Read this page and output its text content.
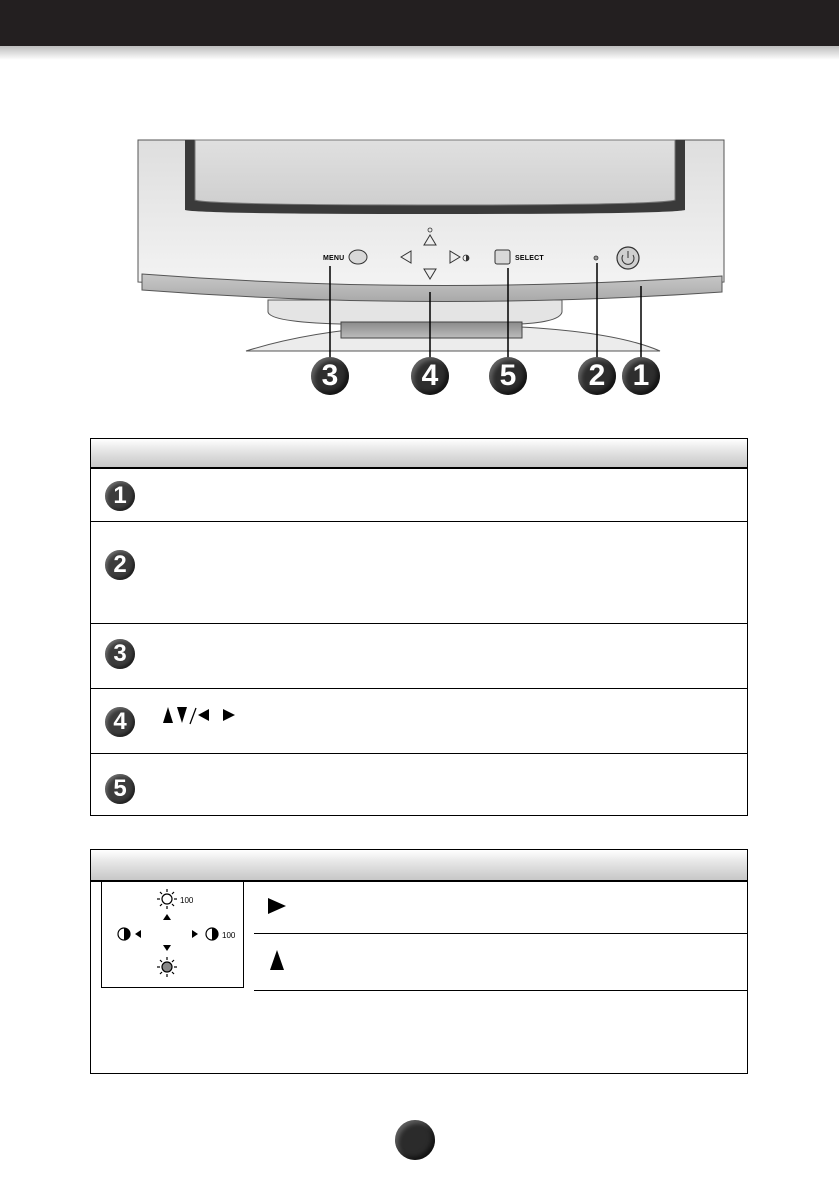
MENU	SELECT
3	4	5	2 1
1
2
3
4
5
100
100
